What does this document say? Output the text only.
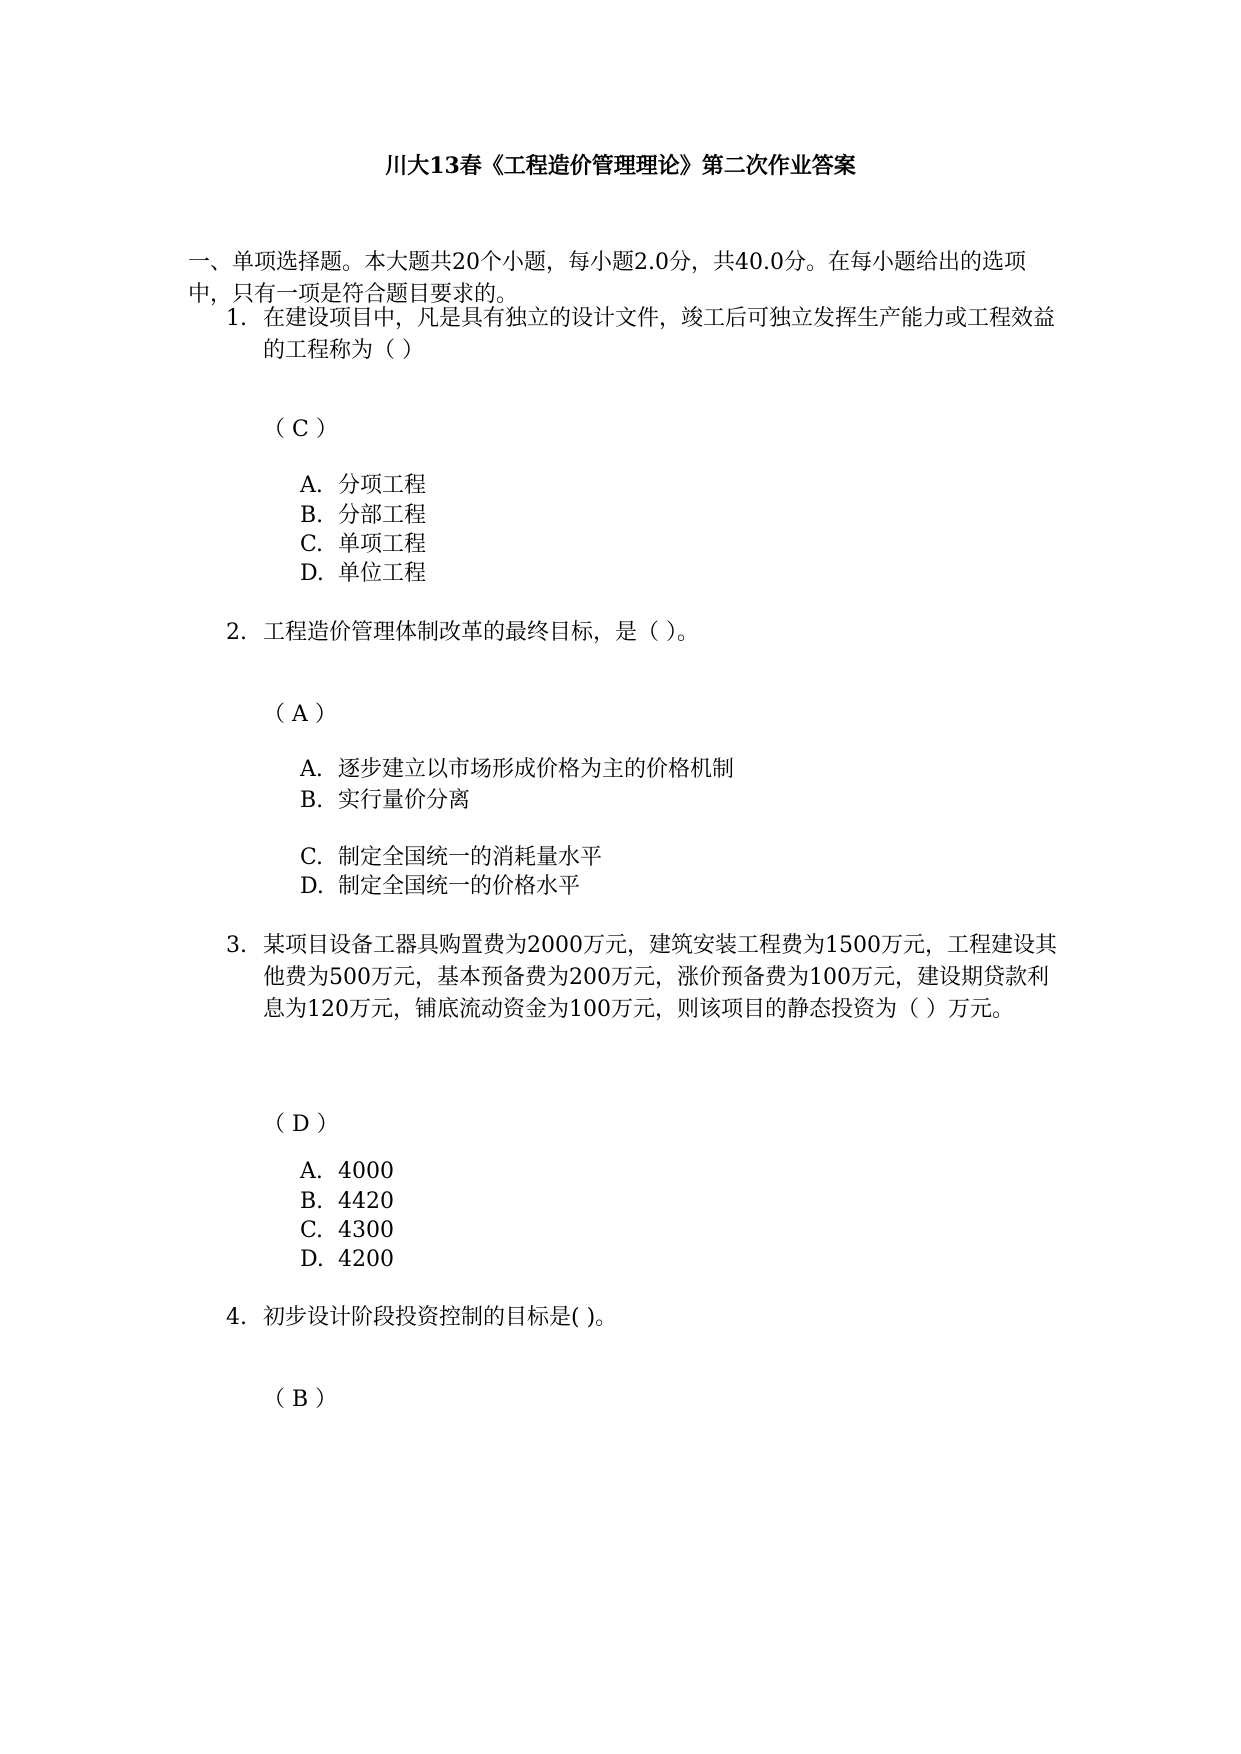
川大13春《工程造价管理理论》第二次作业答案
一、单项选择题。本大题共20个小题，每小题2.0分，共40.0分。在每小题给出的选项中，只有一项是符合题目要求的。
1. 在建设项目中，凡是具有独立的设计文件，竣工后可独立发挥生产能力或工程效益的工程称为（ ）
（ C ）
A. 分项工程
B. 分部工程
C. 单项工程
D. 单位工程
2. 工程造价管理体制改革的最终目标，是（ ）。
（ A ）
A. 逐步建立以市场形成价格为主的价格机制
B. 实行量价分离
C. 制定全国统一的消耗量水平
D. 制定全国统一的价格水平
3. 某项目设备工器具购置费为2000万元，建筑安装工程费为1500万元，工程建设其他费为500万元，基本预备费为200万元，涨价预备费为100万元，建设期贷款利息为120万元，铺底流动资金为100万元，则该项目的静态投资为（ ）万元。
（ D ）
A. 4000
B. 4420
C. 4300
D. 4200
4. 初步设计阶段投资控制的目标是( )。
（ B ）
